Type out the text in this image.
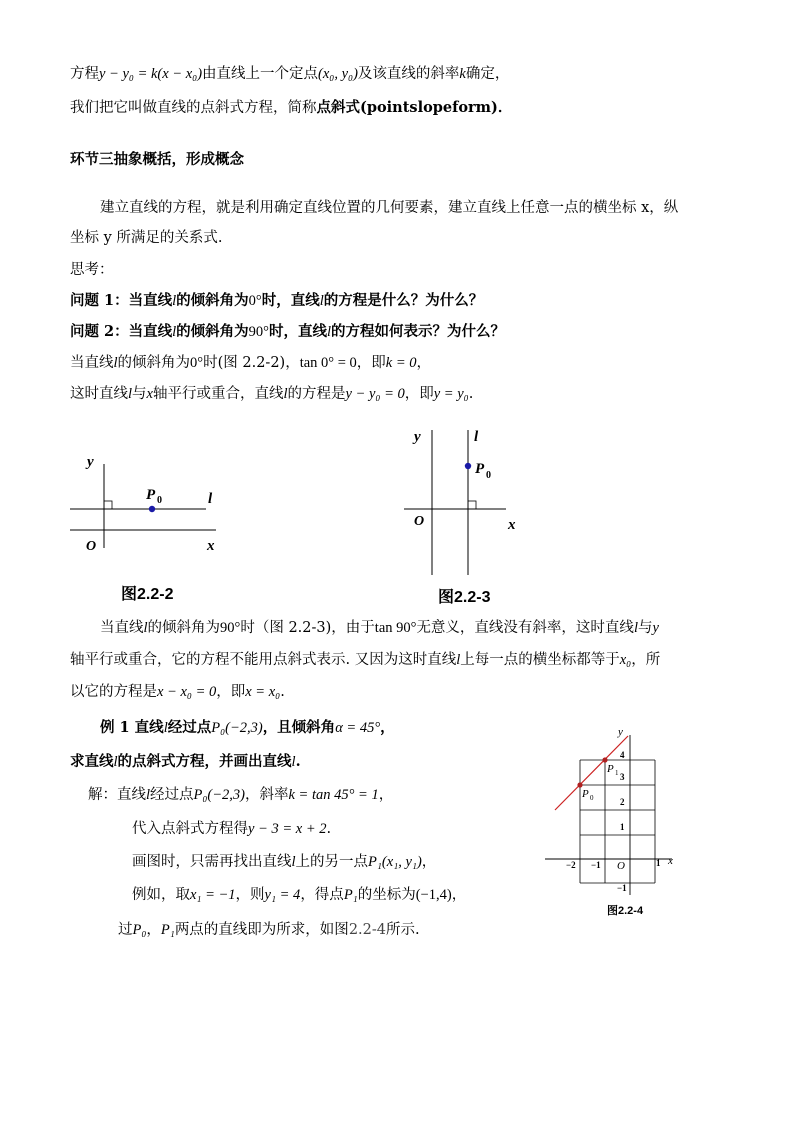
方程y − y₀ = k(x − x₀)由直线上一个定点(x₀, y₀)及该直线的斜率k确定，
我们把它叫做直线的点斜式方程，简称点斜式(pointslopeform)．
环节三抽象概括，形成概念
建立直线的方程，就是利用确定直线位置的几何要素，建立直线上任意一点的横坐标 x，纵
坐标 y 所满足的关系式.
思考：
问题 1：当直线l的倾斜角为0°时，直线l的方程是什么？为什么？
问题 2：当直线l的倾斜角为90°时，直线l的方程如何表示？为什么？
当直线l的倾斜角为0°时(图 2.2-2)，tan 0° = 0，即k = 0，
这时直线l与x轴平行或重合，直线l的方程是y − y₀ = 0，即y = y₀.
y
x
O
P 0	l
图2.2-2
y	l
x
O
P 0
图2.2-3
当直线l的倾斜角为90°时（图 2.2-3)，由于tan 90°无意义，直线没有斜率，这时直线l与y
轴平行或重合，它的方程不能用点斜式表示. 又因为这时直线l上每一点的横坐标都等于x₀，所
以它的方程是x − x₀ = 0，即x = x₀.
例 1 直线l经过点P₀(−2,3)，且倾斜角α = 45°，
求直线l的点斜式方程，并画出直线l.
解：直线l经过点P₀(−2,3)，斜率k = tan 45° = 1，
代入点斜式方程得y − 3 = x + 2.
画图时，只需再找出直线l上的另一点P₁(x₁, y₁)，
例如，取x₁ = −1，则y₁ = 4，得点P₁的坐标为(−1,4)，
过P₀，P₁两点的直线即为所求，如图2.2-4所示.
y
x
O
P 0
P 1
4
3
2
1
−1
−2 −1	1
图2.2-4
